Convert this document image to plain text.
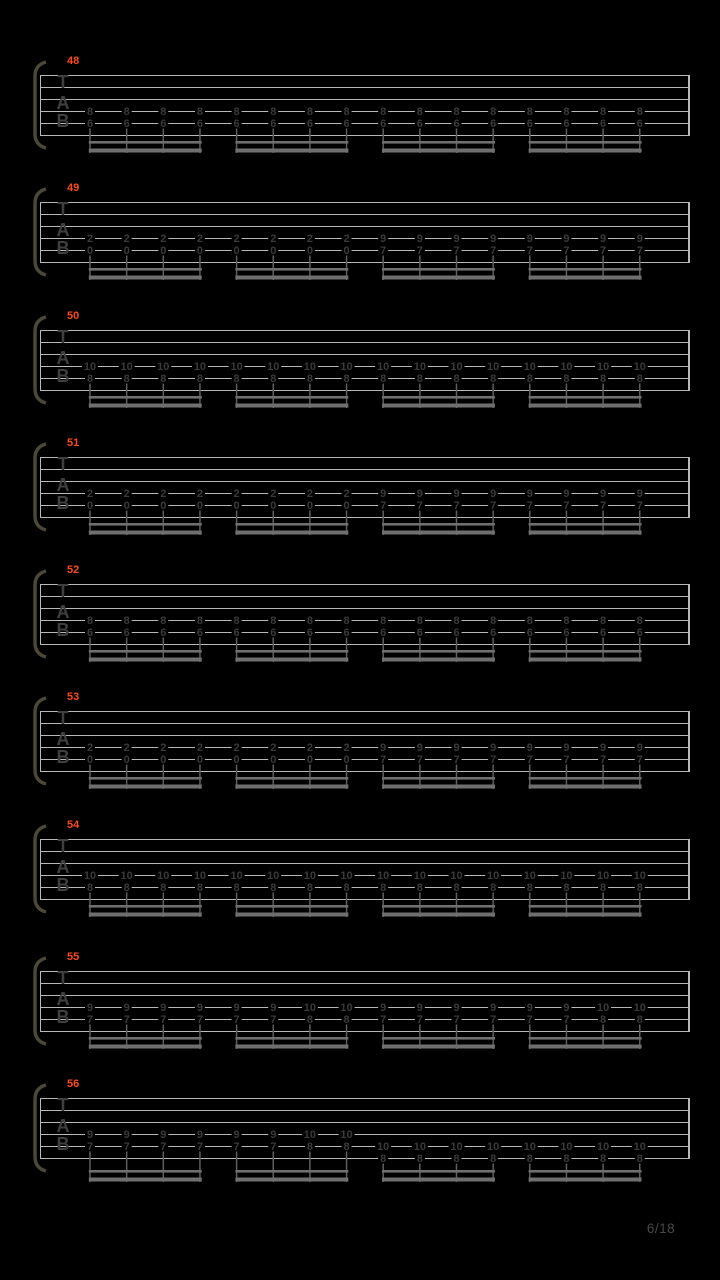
T
A
B
48
8
6
8
6
8
6
8
6
8
6
8
6
8
6
8
6
8
6
8
6
8
6
8
6
8
6
8
6
8
6
8
6
T
A
B
49
2
0
2
0
2
0
2
0
2
0
2
0
2
0
2
0
9
7
9
7
9
7
9
7
9
7
9
7
9
7
9
7
T
A
B
50
10
8
10
8
10
8
10
8
10
8
10
8
10
8
10
8
10
8
10
8
10
8
10
8
10
8
10
8
10
8
10
8
T
A
B
51
2
0
2
0
2
0
2
0
2
0
2
0
2
0
2
0
9
7
9
7
9
7
9
7
9
7
9
7
9
7
9
7
T
A
B
52
8
6
8
6
8
6
8
6
8
6
8
6
8
6
8
6
8
6
8
6
8
6
8
6
8
6
8
6
8
6
8
6
T
A
B
53
2
0
2
0
2
0
2
0
2
0
2
0
2
0
2
0
9
7
9
7
9
7
9
7
9
7
9
7
9
7
9
7
T
A
B
54
10
8
10
8
10
8
10
8
10
8
10
8
10
8
10
8
10
8
10
8
10
8
10
8
10
8
10
8
10
8
10
8
T
A
B
55
9
7
9
7
9
7
9
7
9
7
9
7
10
8
10
8
9
7
9
7
9
7
9
7
9
7
9
7
10
8
10
8
T
A
B
56
9
7
9
7
9
7
9
7
9
7
9
7
10
8
10
8 10
8
10
8
10
8
10
8
10
8
10
8
10
8
10
8
6/18
